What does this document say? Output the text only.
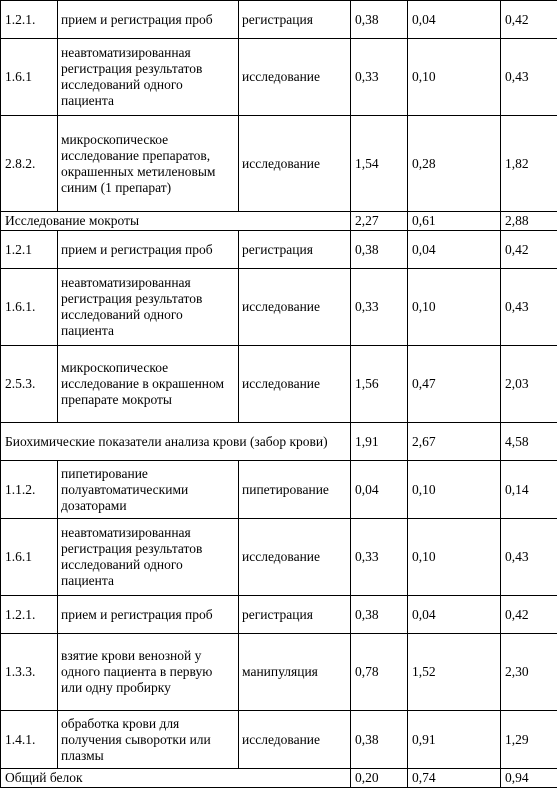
1.2.1.	прием и регистрация проб	регистрация	0,38	0,04	0,42
1.6.1	неавтоматизированная регистрация результатов исследований одного пациента	исследование	0,33	0,10	0,43
2.8.2.	микроскопическое исследование препаратов, окрашенных метиленовым синим (1 препарат)	исследование	1,54	0,28	1,82
Исследование мокроты			2,27	0,61	2,88
1.2.1	прием и регистрация проб	регистрация	0,38	0,04	0,42
1.6.1.	неавтоматизированная регистрация результатов исследований одного пациента	исследование	0,33	0,10	0,43
2.5.3.	микроскопическое исследование в окрашенном препарате мокроты	исследование	1,56	0,47	2,03
Биохимические показатели анализа крови (забор крови)			1,91	2,67	4,58
1.1.2.	пипетирование полуавтоматическими дозаторами	пипетирование	0,04	0,10	0,14
1.6.1	неавтоматизированная регистрация результатов исследований одного пациента	исследование	0,33	0,10	0,43
1.2.1.	прием и регистрация проб	регистрация	0,38	0,04	0,42
1.3.3.	взятие крови венозной у одного пациента в первую или одну пробирку	манипуляция	0,78	1,52	2,30
1.4.1.	обработка крови для получения сыворотки или плазмы	исследование	0,38	0,91	1,29
Общий белок			0,20	0,74	0,94
